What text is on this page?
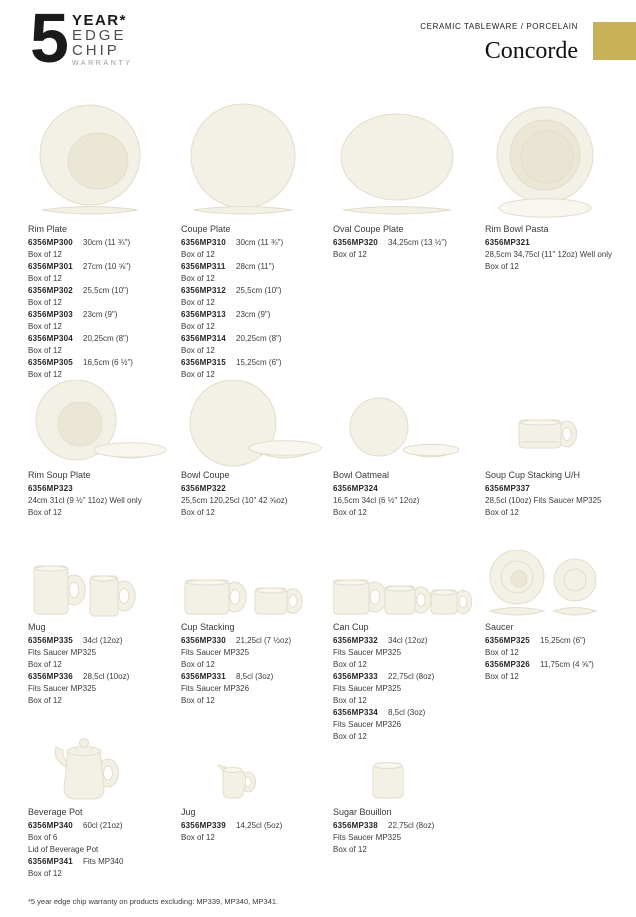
5 YEAR*
EDGE
CHIP
WARRANTY
CERAMIC TABLEWARE / PORCELAIN
Concorde
Rim Plate
6356MP300 30cm (11 ¾")
Box of 12
6356MP301 27cm (10 ⅝")
Box of 12
6356MP302 25,5cm (10")
Box of 12
6356MP303 23cm (9")
Box of 12
6356MP304 20,25cm (8")
Box of 12
6356MP305 16,5cm (6 ½")
Box of 12
Coupe Plate
6356MP310 30cm (11 ¾")
Box of 12
6356MP311 28cm (11")
Box of 12
6356MP312 25,5cm (10")
Box of 12
6356MP313 23cm (9")
Box of 12
6356MP314 20,25cm (8")
Box of 12
6356MP315 15,25cm (6")
Box of 12
Oval Coupe Plate
6356MP320 34,25cm (13 ½")
Box of 12
Rim Bowl Pasta
6356MP321
28,5cm 34,75cl (11" 12oz) Well only
Box of 12
Rim Soup Plate
6356MP323
24cm 31cl (9 ½" 11oz) Well only
Box of 12
Bowl Coupe
6356MP322
25,5cm 120,25cl (10" 42 ⅝oz)
Box of 12
Bowl Oatmeal
6356MP324
16,5cm 34cl (6 ½" 12oz)
Box of 12
Soup Cup Stacking U/H
6356MP337
28,5cl (10oz) Fits Saucer MP325
Box of 12
Mug
6356MP335 34cl (12oz)
Fits Saucer MP325
Box of 12
6356MP336 28,5cl (10oz)
Fits Saucer MP325
Box of 12
Cup Stacking
6356MP330 21,25cl (7 ½oz)
Fits Saucer MP325
Box of 12
6356MP331 8,5cl (3oz)
Fits Saucer MP326
Box of 12
Can Cup
6356MP332 34cl (12oz)
Fits Saucer MP325
Box of 12
6356MP333 22,75cl (8oz)
Fits Saucer MP325
Box of 12
6356MP334 8,5cl (3oz)
Fits Saucer MP326
Box of 12
Saucer
6356MP325 15,25cm (6")
Box of 12
6356MP326 11,75cm (4 ⅝")
Box of 12
Beverage Pot
6356MP340 60cl (21oz)
Box of 6
Lid of Beverage Pot
6356MP341 Fits MP340
Box of 12
Jug
6356MP339 14,25cl (5oz)
Box of 12
Sugar Bouillon
6356MP338 22,75cl (8oz)
Fits Saucer MP325
Box of 12
*5 year edge chip warranty on products excluding: MP339, MP340, MP341.
